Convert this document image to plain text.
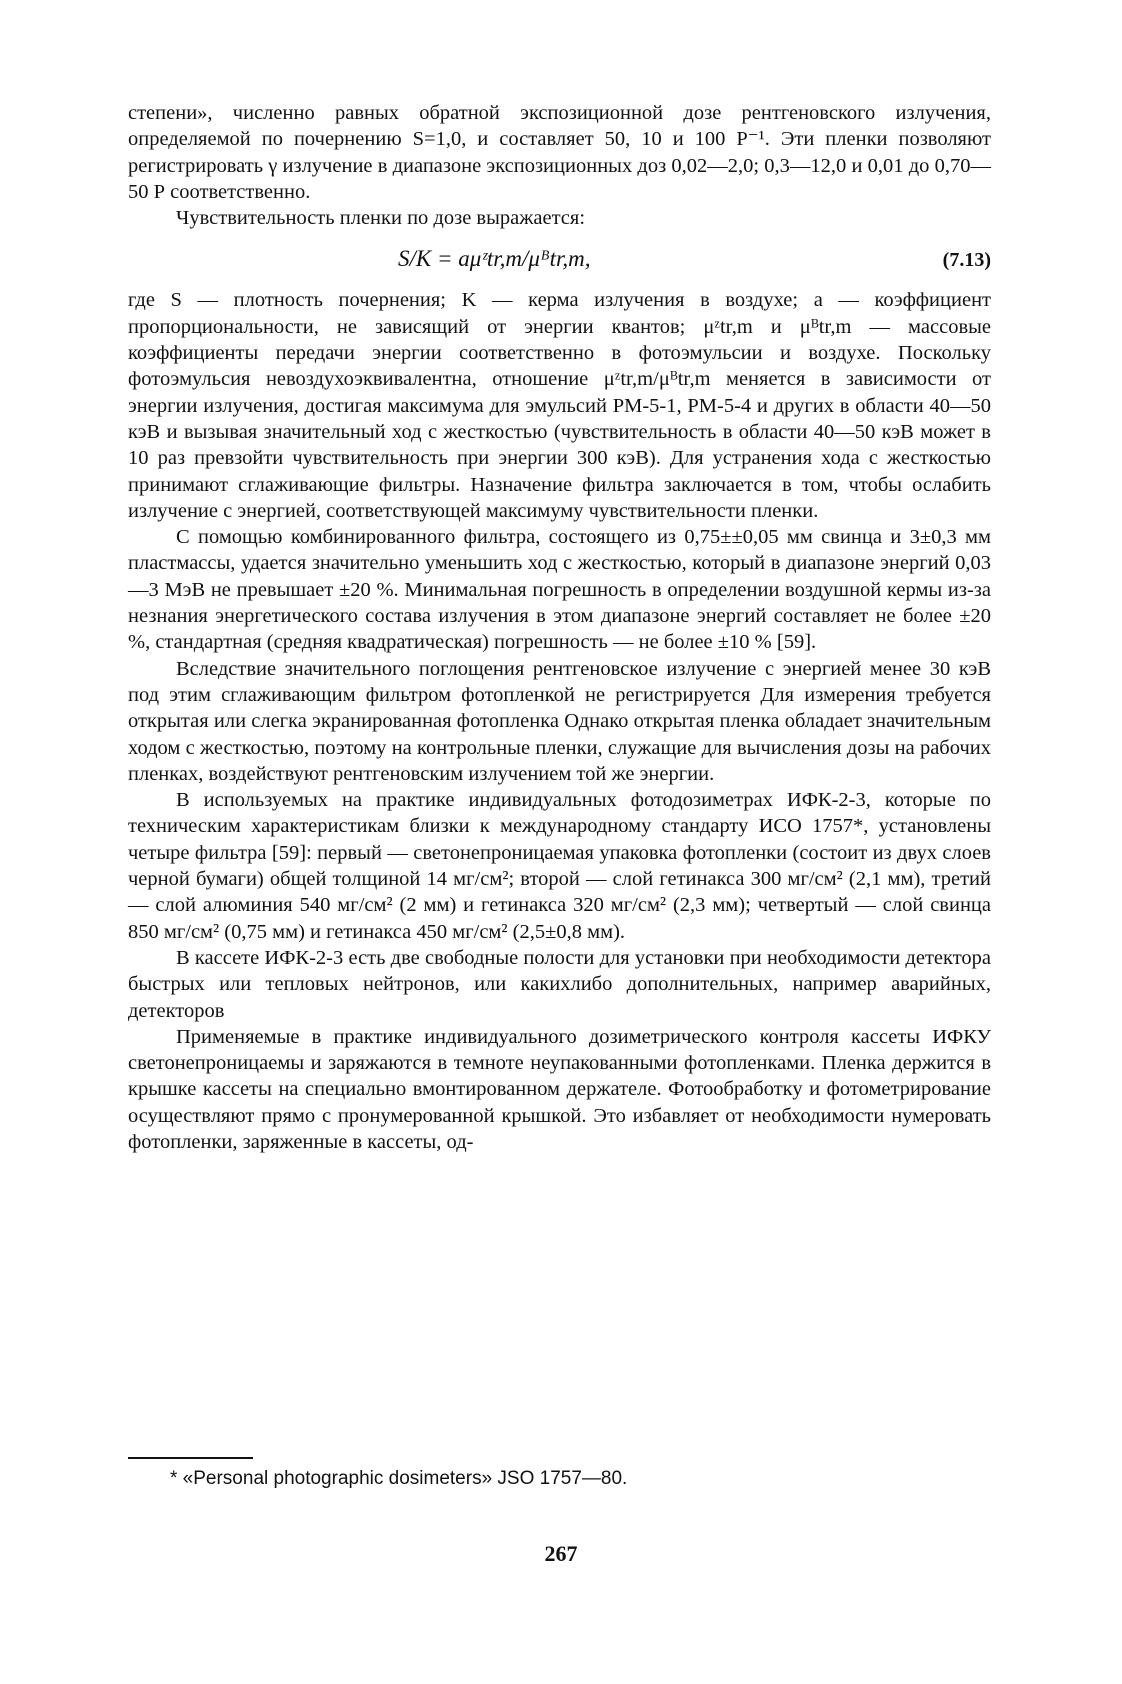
степени», численно равных обратной экспозиционной дозе рентгеновского излучения, определяемой по почернению S=1,0, и составляет 50, 10 и 100 Р⁻¹. Эти пленки позволяют регистрировать γ излучение в диапазоне экспозиционных доз 0,02—2,0; 0,3—12,0 и 0,01 до 0,70—50 Р соответственно.

Чувствительность пленки по дозе выражается:

S/K = aμᶻtr,m/μᴮtr,m,	(7.13)

где S — плотность почернения; K — керма излучения в воздухе; a — коэффициент пропорциональности, не зависящий от энергии квантов; μᶻtr,m и μᴮtr,m — массовые коэффициенты передачи энергии соответственно в фотоэмульсии и воздухе. Поскольку фотоэмульсия невоздухоэквивалентна, отношение μᶻtr,m/μᴮtr,m меняется в зависимости от энергии излучения, достигая максимума для эмульсий РМ-5-1, РМ-5-4 и других в области 40—50 кэВ и вызывая значительный ход с жесткостью (чувствительность в области 40—50 кэВ может в 10 раз превзойти чувствительность при энергии 300 кэВ). Для устранения хода с жесткостью принимают сглаживающие фильтры. Назначение фильтра заключается в том, чтобы ослабить излучение с энергией, соответствующей максимуму чувствительности пленки.

С помощью комбинированного фильтра, состоящего из 0,75±±0,05 мм свинца и 3±0,3 мм пластмассы, удается значительно уменьшить ход с жесткостью, который в диапазоне энергий 0,03—3 МэВ не превышает ±20 %. Минимальная погрешность в определении воздушной кермы из-за незнания энергетического состава излучения в этом диапазоне энергий составляет не более ±20 %, стандартная (средняя квадратическая) погрешность — не более ±10 % [59].

Вследствие значительного поглощения рентгеновское излучение с энергией менее 30 кэВ под этим сглаживающим фильтром фотопленкой не регистрируется Для измерения требуется открытая или слегка экранированная фотопленка Однако открытая пленка обладает значительным ходом с жесткостью, поэтому на контрольные пленки, служащие для вычисления дозы на рабочих пленках, воздействуют рентгеновским излучением той же энергии.

В используемых на практике индивидуальных фотодозиметрах ИФК-2-3, которые по техническим характеристикам близки к международному стандарту ИСО 1757*, установлены четыре фильтра [59]: первый — светонепроницаемая упаковка фотопленки (состоит из двух слоев черной бумаги) общей толщиной 14 мг/см²; второй — слой гетинакса 300 мг/см² (2,1 мм), третий — слой алюминия 540 мг/см² (2 мм) и гетинакса 320 мг/см² (2,3 мм); четвертый — слой свинца 850 мг/см² (0,75 мм) и гетинакса 450 мг/см² (2,5±0,8 мм).

В кассете ИФК-2-3 есть две свободные полости для установки при необходимости детектора быстрых или тепловых нейтронов, или какихлибо дополнительных, например аварийных, детекторов

Применяемые в практике индивидуального дозиметрического контроля кассеты ИФКУ светонепроницаемы и заряжаются в темноте неупакованными фотопленками. Пленка держится в крышке кассеты на специально вмонтированном держателе. Фотообработку и фотометрирование осуществляют прямо с пронумерованной крышкой. Это избавляет от необходимости нумеровать фотопленки, заряженные в кассеты, од-

* «Personal photographic dosimeters» JSO 1757—80.
267
